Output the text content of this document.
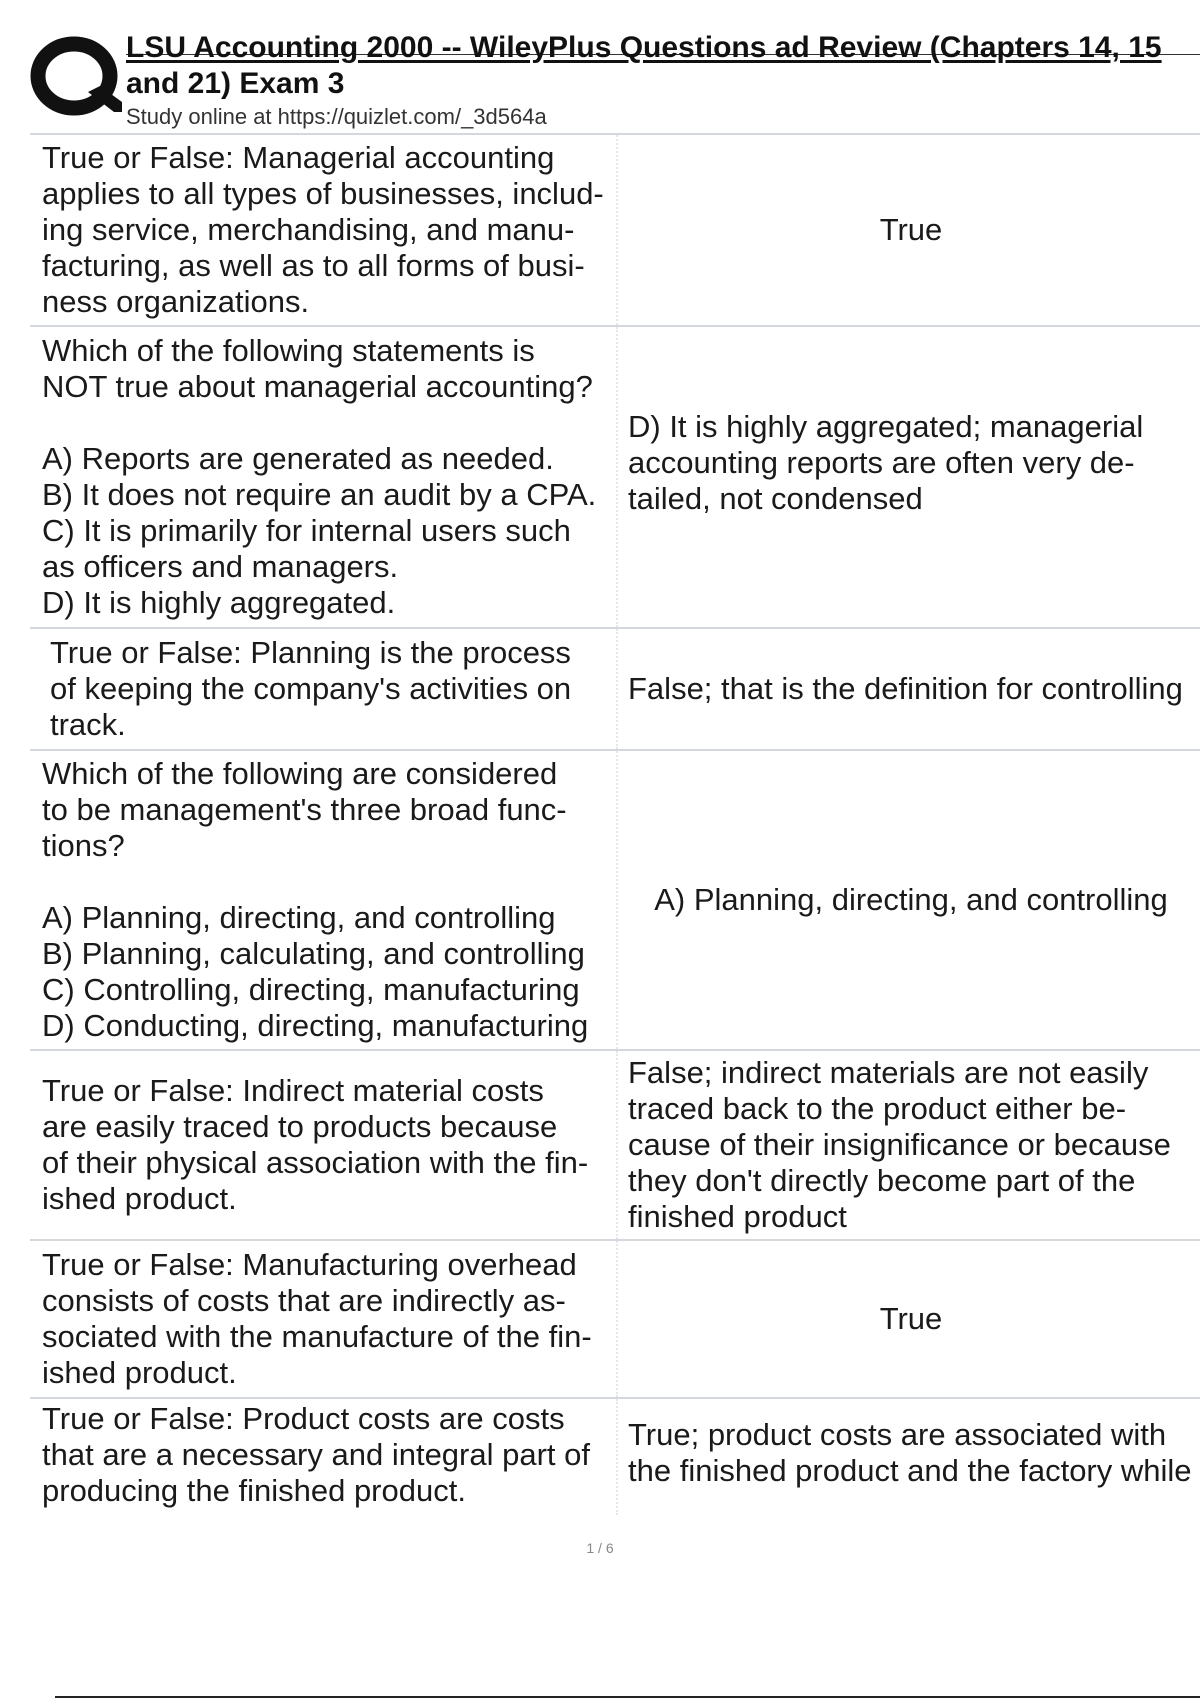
LSU Accounting 2000 -- WileyPlus Questions ad Review (Chapters 14, 15
and 21) Exam 3
Study online at https://quizlet.com/_3d564a
True or False: Managerial accounting applies to all types of businesses, includ-
ing service, merchandising, and manu-
facturing, as well as to all forms of busi-
ness organizations.
True
Which of the following statements is
NOT true about managerial accounting?

A) Reports are generated as needed.
B) It does not require an audit by a CPA.
C) It is primarily for internal users such
as officers and managers.
D) It is highly aggregated.
D) It is highly aggregated; managerial
accounting reports are often very de-
tailed, not condensed
True or False: Planning is the process
of keeping the company's activities on
track.
False; that is the definition for controlling
Which of the following are considered
to be management's three broad func-
tions?

A) Planning, directing, and controlling
B) Planning, calculating, and controlling
C) Controlling, directing, manufacturing
D) Conducting, directing, manufacturing
A) Planning, directing, and controlling
True or False: Indirect material costs
are easily traced to products because
of their physical association with the fin-
ished product.
False; indirect materials are not easily
traced back to the product either be-
cause of their insignificance or because
they don't directly become part of the
finished product
True or False: Manufacturing overhead
consists of costs that are indirectly as-
sociated with the manufacture of the fin-
ished product.
True
True or False: Product costs are costs
that are a necessary and integral part of
producing the finished product.
True; product costs are associated with
the finished product and the factory while
1 / 6
